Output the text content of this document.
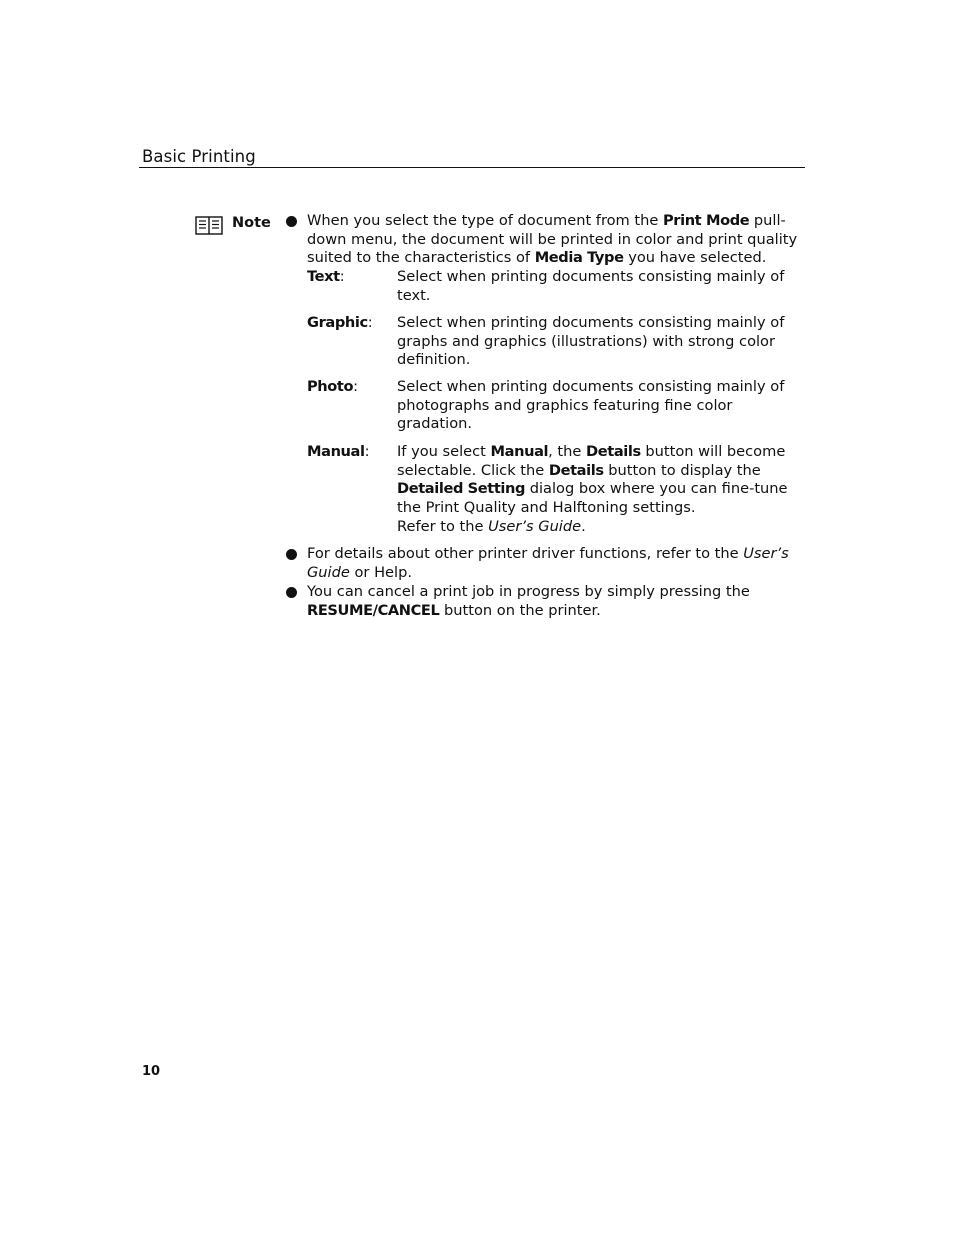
Basic Printing
Note When you select the type of document from the Print Mode pull-down menu, the document will be printed in color and print quality suited to the characteristics of Media Type you have selected.
Text:	Select when printing documents consisting mainly of text.
Graphic:	Select when printing documents consisting mainly of graphs and graphics (illustrations) with strong color definition.
Photo:	Select when printing documents consisting mainly of photographs and graphics featuring fine color gradation.
Manual:	If you select Manual, the Details button will become selectable. Click the Details button to display the Detailed Setting dialog box where you can fine-tune the Print Quality and Halftoning settings.
Refer to the User’s Guide.
For details about other printer driver functions, refer to the User’s Guide or Help.
You can cancel a print job in progress by simply pressing the RESUME/CANCEL button on the printer.
10
